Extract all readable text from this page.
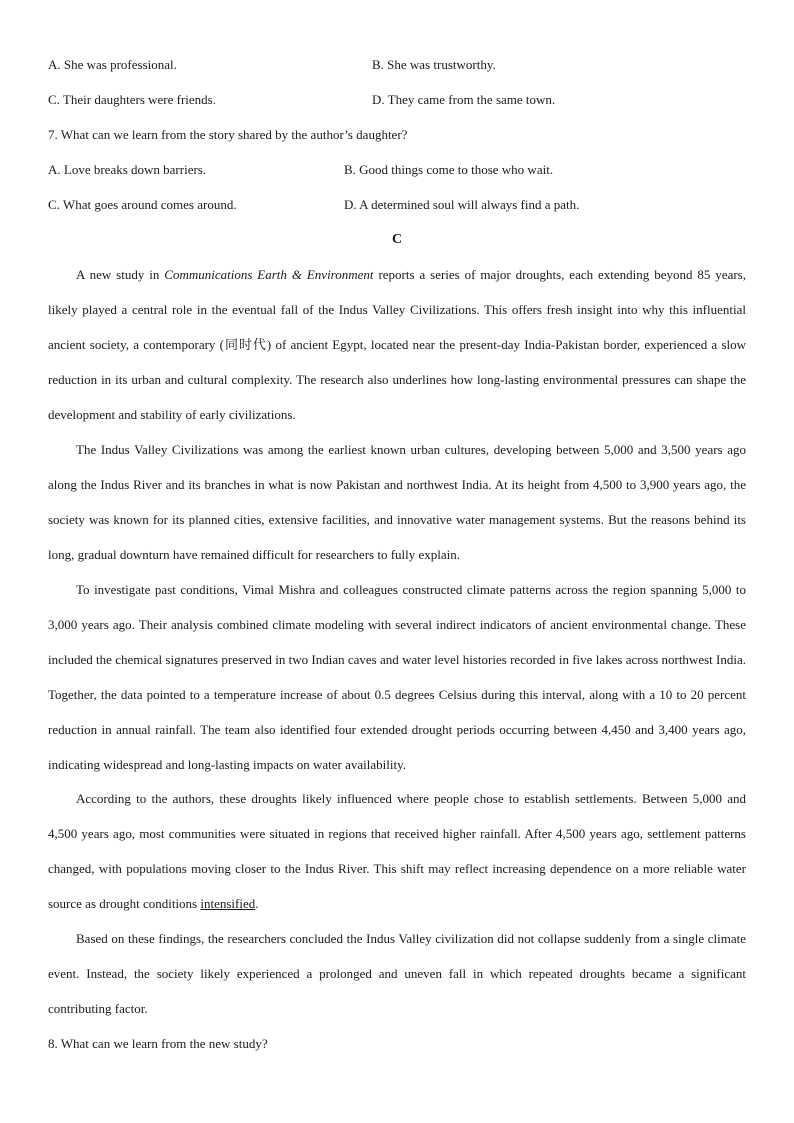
A. She was professional.	B. She was trustworthy.
C. Their daughters were friends.	D. They came from the same town.
7. What can we learn from the story shared by the author’s daughter?
A. Love breaks down barriers.	B. Good things come to those who wait.
C. What goes around comes around.	D. A determined soul will always find a path.
C

A new study in Communications Earth & Environment reports a series of major droughts, each extending beyond 85 years, likely played a central role in the eventual fall of the Indus Valley Civilizations. This offers fresh insight into why this influential ancient society, a contemporary (同时代) of ancient Egypt, located near the present-day India-Pakistan border, experienced a slow reduction in its urban and cultural complexity. The research also underlines how long-lasting environmental pressures can shape the development and stability of early civilizations.

The Indus Valley Civilizations was among the earliest known urban cultures, developing between 5,000 and 3,500 years ago along the Indus River and its branches in what is now Pakistan and northwest India. At its height from 4,500 to 3,900 years ago, the society was known for its planned cities, extensive facilities, and innovative water management systems. But the reasons behind its long, gradual downturn have remained difficult for researchers to fully explain.

To investigate past conditions, Vimal Mishra and colleagues constructed climate patterns across the region spanning 5,000 to 3,000 years ago. Their analysis combined climate modeling with several indirect indicators of ancient environmental change. These included the chemical signatures preserved in two Indian caves and water level histories recorded in five lakes across northwest India. Together, the data pointed to a temperature increase of about 0.5 degrees Celsius during this interval, along with a 10 to 20 percent reduction in annual rainfall. The team also identified four extended drought periods occurring between 4,450 and 3,400 years ago, indicating widespread and long-lasting impacts on water availability.

According to the authors, these droughts likely influenced where people chose to establish settlements. Between 5,000 and 4,500 years ago, most communities were situated in regions that received higher rainfall. After 4,500 years ago, settlement patterns changed, with populations moving closer to the Indus River. This shift may reflect increasing dependence on a more reliable water source as drought conditions intensified.

Based on these findings, the researchers concluded the Indus Valley civilization did not collapse suddenly from a single climate event. Instead, the society likely experienced a prolonged and uneven fall in which repeated droughts became a significant contributing factor.

8. What can we learn from the new study?
